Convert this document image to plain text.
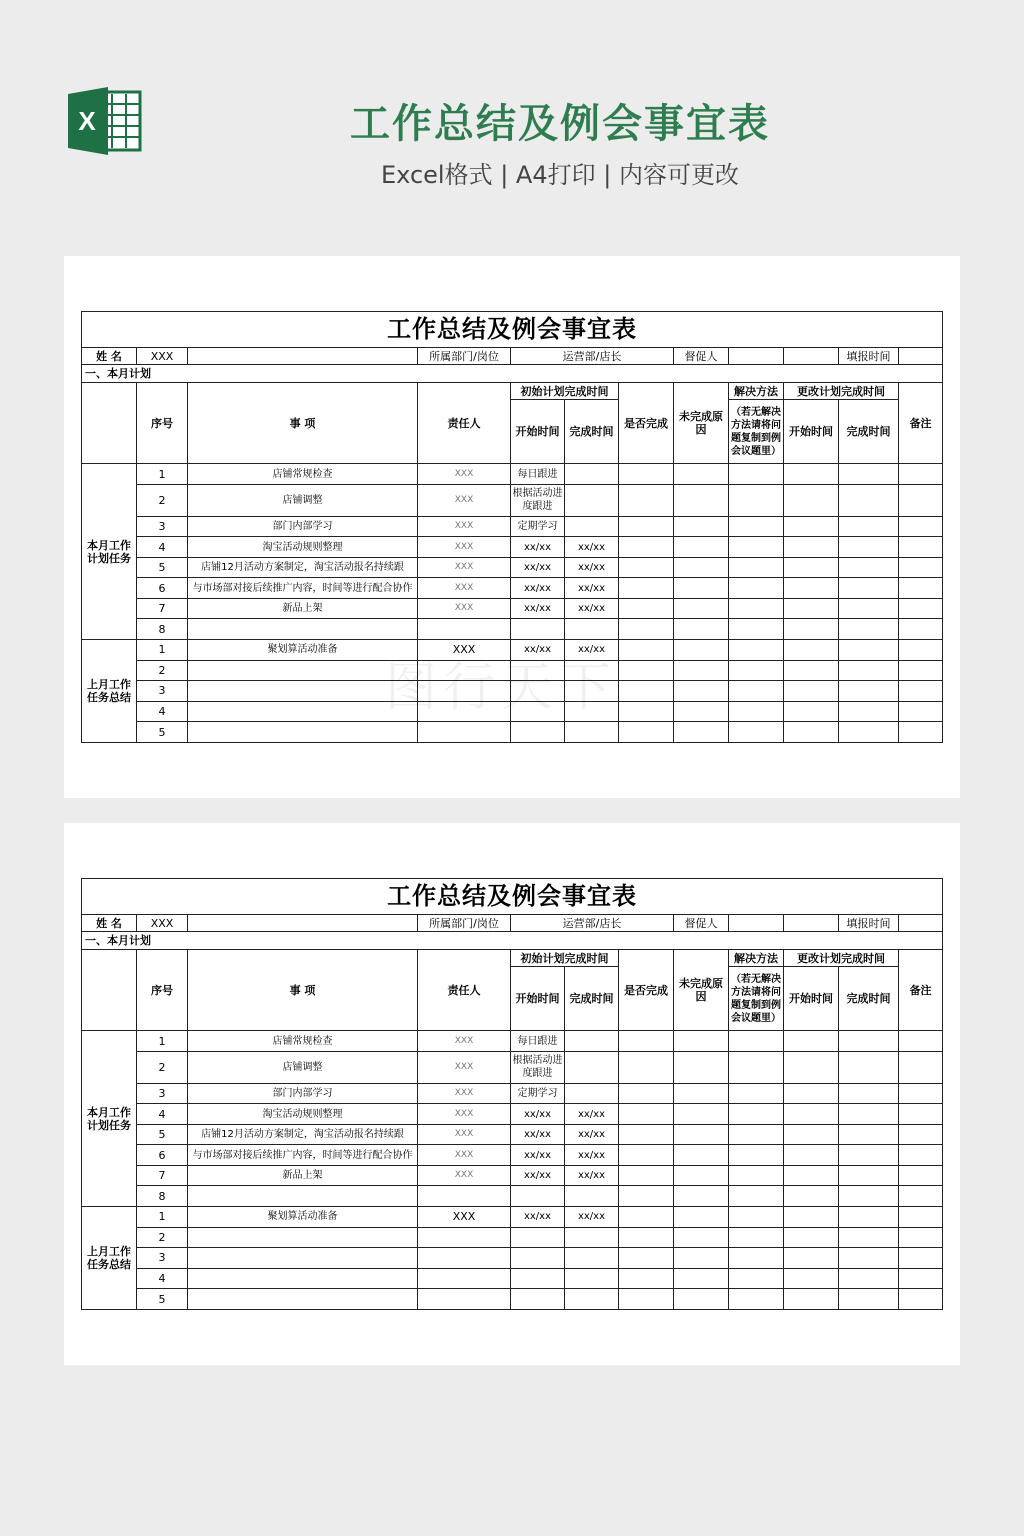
X	工作总结及例会事宜表
Excel格式 | A4打印 | 内容可更改
工作总结及例会事宜表											
姓 名	XXX		所属部门/岗位	运营部/店长			督促人			填报时间	
一、本月计划											
	序号	事 项	责任人	初始计划完成时间		是否完成	未完成原因	解决方法	更改计划完成时间		备注
				开始时间	完成时间			（若无解决方法请将问题复制到例会议题里）	开始时间	完成时间	
本月工作计划任务	1	店铺常规检查	XXX	每日跟进							
	2	店铺调整	XXX	根据活动进度跟进							
	3	部门内部学习	XXX	定期学习							
	4	淘宝活动规则整理	XXX	xx/xx	xx/xx						
	5	店铺12月活动方案制定，淘宝活动报名持续跟	XXX	xx/xx	xx/xx						
	6	与市场部对接后续推广内容，时间等进行配合协作	XXX	xx/xx	xx/xx						
	7	新品上架	XXX	xx/xx	xx/xx						
	8										
上月工作任务总结	1	聚划算活动准备	XXX	xx/xx	xx/xx						
	2										
	3										
	4										
	5										
工作总结及例会事宜表											
姓 名	XXX		所属部门/岗位	运营部/店长			督促人			填报时间	
一、本月计划											
	序号	事 项	责任人	初始计划完成时间		是否完成	未完成原因	解决方法	更改计划完成时间		备注
				开始时间	完成时间			（若无解决方法请将问题复制到例会议题里）	开始时间	完成时间	
本月工作计划任务	1	店铺常规检查	XXX	每日跟进							
	2	店铺调整	XXX	根据活动进度跟进							
	3	部门内部学习	XXX	定期学习							
	4	淘宝活动规则整理	XXX	xx/xx	xx/xx						
	5	店铺12月活动方案制定，淘宝活动报名持续跟	XXX	xx/xx	xx/xx						
	6	与市场部对接后续推广内容，时间等进行配合协作	XXX	xx/xx	xx/xx						
	7	新品上架	XXX	xx/xx	xx/xx						
	8										
上月工作任务总结	1	聚划算活动准备	XXX	xx/xx	xx/xx						
	2										
	3										
	4										
	5										
